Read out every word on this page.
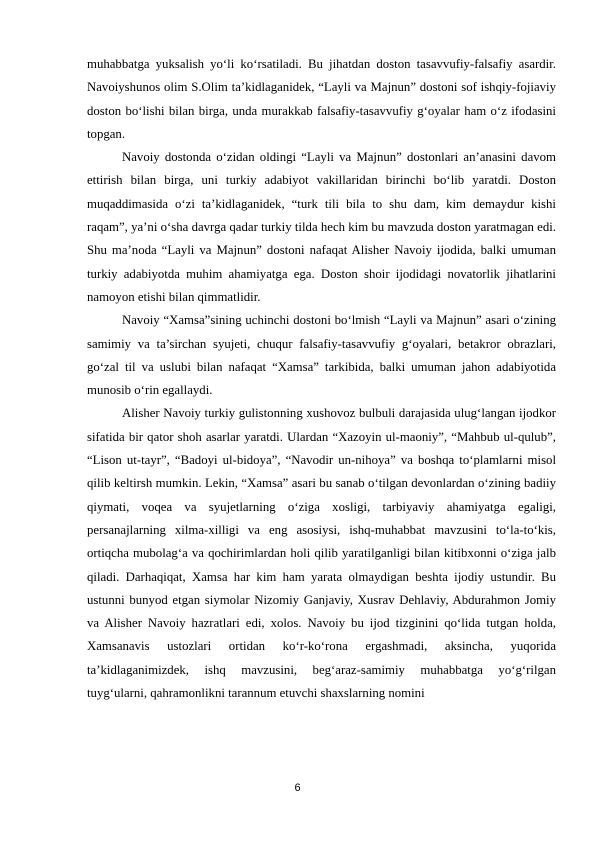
muhabbatga yuksalish yo‘li ko‘rsatiladi. Bu jihatdan doston tasavvufiy-falsafiy asardir. Navoiyshunos olim S.Olim ta’kidlaganidek, “Layli va Majnun” dostoni sof ishqiy-fojiaviy doston bo‘lishi bilan birga, unda murakkab falsafiy-tasavvufiy g‘oyalar ham o‘z ifodasini topgan.

Navoiy dostonda o‘zidan oldingi “Layli va Majnun” dostonlari an’anasini davom ettirish bilan birga, uni turkiy adabiyot vakillaridan birinchi bo‘lib yaratdi. Doston muqaddimasida o‘zi ta’kidlaganidek, “turk tili bila to shu dam, kim demaydur kishi raqam”, ya’ni o‘sha davrga qadar turkiy tilda hech kim bu mavzuda doston yaratmagan edi. Shu ma’noda “Layli va Majnun” dostoni nafaqat Alisher Navoiy ijodida, balki umuman turkiy adabiyotda muhim ahamiyatga ega. Doston shoir ijodidagi novatorlik jihatlarini namoyon etishi bilan qimmatlidir.

Navoiy “Xamsa”sining uchinchi dostoni bo‘lmish “Layli va Majnun” asari o‘zining samimiy va ta’sirchan syujeti, chuqur falsafiy-tasavvufiy g‘oyalari, betakror obrazlari, go‘zal til va uslubi bilan nafaqat “Xamsa” tarkibida, balki umuman jahon adabiyotida munosib o‘rin egallaydi.

Alisher Navoiy turkiy gulistonning xushovoz bulbuli darajasida ulug‘langan ijodkor sifatida bir qator shoh asarlar yaratdi. Ulardan “Xazoyin ul-maoniy”, “Mahbub ul-qulub”, “Lison ut-tayr”, “Badoyi ul-bidoya”, “Navodir un-nihoya” va boshqa to‘plamlarni misol qilib keltirsh mumkin. Lekin, “Xamsa” asari bu sanab o‘tilgan devonlardan o‘zining badiiy qiymati, voqea va syujetlarning o‘ziga xosligi, tarbiyaviy ahamiyatga egaligi, persanajlarning xilma-xilligi va eng asosiysi, ishq-muhabbat mavzusini to‘la-to‘kis, ortiqcha mubolag‘a va qochirimlardan holi qilib yaratilganligi bilan kitibxonni o‘ziga jalb qiladi. Darhaqiqat, Xamsa har kim ham yarata olmaydigan beshta ijodiy ustundir. Bu ustunni bunyod etgan siymolar Nizomiy Ganjaviy, Xusrav Dehlaviy, Abdurahmon Jomiy va Alisher Navoiy hazratlari edi, xolos. Navoiy bu ijod tizginini qo‘lida tutgan holda, Xamsanavis ustozlari ortidan ko‘r-ko‘rona ergashmadi, aksincha, yuqorida ta’kidlaganimizdek, ishq mavzusini, beg‘araz-samimiy muhabbatga yo‘g‘rilgan tuyg‘ularni, qahramonlikni tarannum etuvchi shaxslarning nomini

6
